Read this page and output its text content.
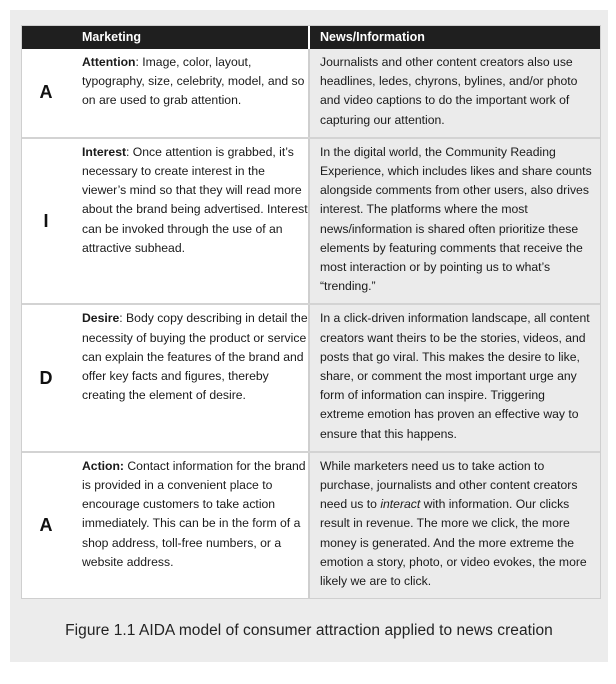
Marketing	News/Information
A
Attention: Image, color, layout, typography, size, celebrity, model, and so on are used to grab attention.
Journalists and other content creators also use headlines, ledes, chyrons, bylines, and/or photo and video captions to do the important work of capturing our attention.
I
Interest: Once attention is grabbed, it’s necessary to create interest in the viewer’s mind so that they will read more about the brand being advertised. Interest can be invoked through the use of an attractive subhead.
In the digital world, the Community Reading Experience, which includes likes and share counts alongside comments from other users, also drives interest. The platforms where the most news/information is shared often prioritize these elements by featuring comments that receive the most interaction or by pointing us to what’s “trending.”
D
Desire: Body copy describing in detail the necessity of buying the product or service can explain the features of the brand and offer key facts and figures, thereby creating the element of desire.
In a click-driven information landscape, all content creators want theirs to be the stories, videos, and posts that go viral. This makes the desire to like, share, or comment the most important urge any form of information can inspire. Triggering extreme emotion has proven an effective way to ensure that this happens.
A
Action: Contact information for the brand is provided in a convenient place to encourage customers to take action immediately. This can be in the form of a shop address, toll-free numbers, or a website address.
While marketers need us to take action to purchase, journalists and other content creators need us to interact with information. Our clicks result in revenue. The more we click, the more money is generated. And the more extreme the emotion a story, photo, or video evokes, the more likely we are to click.
Figure 1.1 AIDA model of consumer attraction applied to news creation
